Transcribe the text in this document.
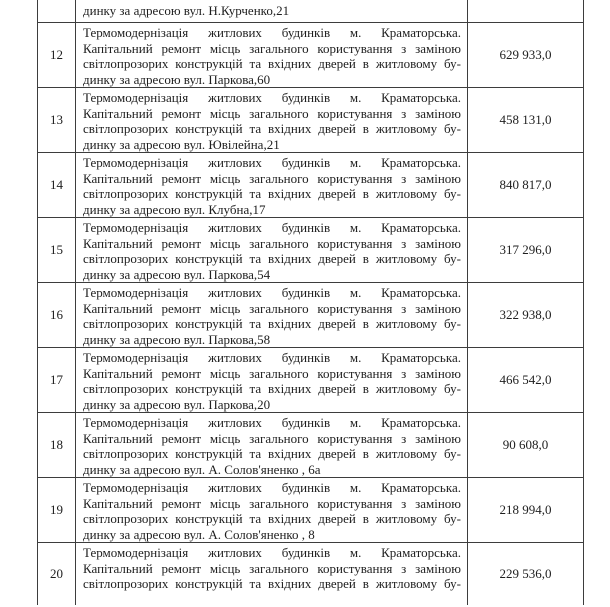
динку за адресою вул. Н.Курченко,21
12
Термомодернізація житлових будинків м. Краматорська.
Капітальний ремонт місць загального користування з заміною
світлопрозорих конструкцій та вхідних дверей в житловому бу-
динку за адресою вул. Паркова,60
629 933,0
13
Термомодернізація житлових будинків м. Краматорська.
Капітальний ремонт місць загального користування з заміною
світлопрозорих конструкцій та вхідних дверей в житловому бу-
динку за адресою вул. Ювілейна,21
458 131,0
14
Термомодернізація житлових будинків м. Краматорська.
Капітальний ремонт місць загального користування з заміною
світлопрозорих конструкцій та вхідних дверей в житловому бу-
динку за адресою вул. Клубна,17
840 817,0
15
Термомодернізація житлових будинків м. Краматорська.
Капітальний ремонт місць загального користування з заміною
світлопрозорих конструкцій та вхідних дверей в житловому бу-
динку за адресою вул. Паркова,54
317 296,0
16
Термомодернізація житлових будинків м. Краматорська.
Капітальний ремонт місць загального користування з заміною
світлопрозорих конструкцій та вхідних дверей в житловому бу-
динку за адресою вул. Паркова,58
322 938,0
17
Термомодернізація житлових будинків м. Краматорська.
Капітальний ремонт місць загального користування з заміною
світлопрозорих конструкцій та вхідних дверей в житловому бу-
динку за адресою вул. Паркова,20
466 542,0
18
Термомодернізація житлових будинків м. Краматорська.
Капітальний ремонт місць загального користування з заміною
світлопрозорих конструкцій та вхідних дверей в житловому бу-
динку за адресою вул. А. Солов'яненко , 6а
90 608,0
19
Термомодернізація житлових будинків м. Краматорська.
Капітальний ремонт місць загального користування з заміною
світлопрозорих конструкцій та вхідних дверей в житловому бу-
динку за адресою вул. А. Солов'яненко , 8
218 994,0
20
Термомодернізація житлових будинків м. Краматорська.
Капітальний ремонт місць загального користування з заміною
світлопрозорих конструкцій та вхідних дверей в житловому бу-
229 536,0
